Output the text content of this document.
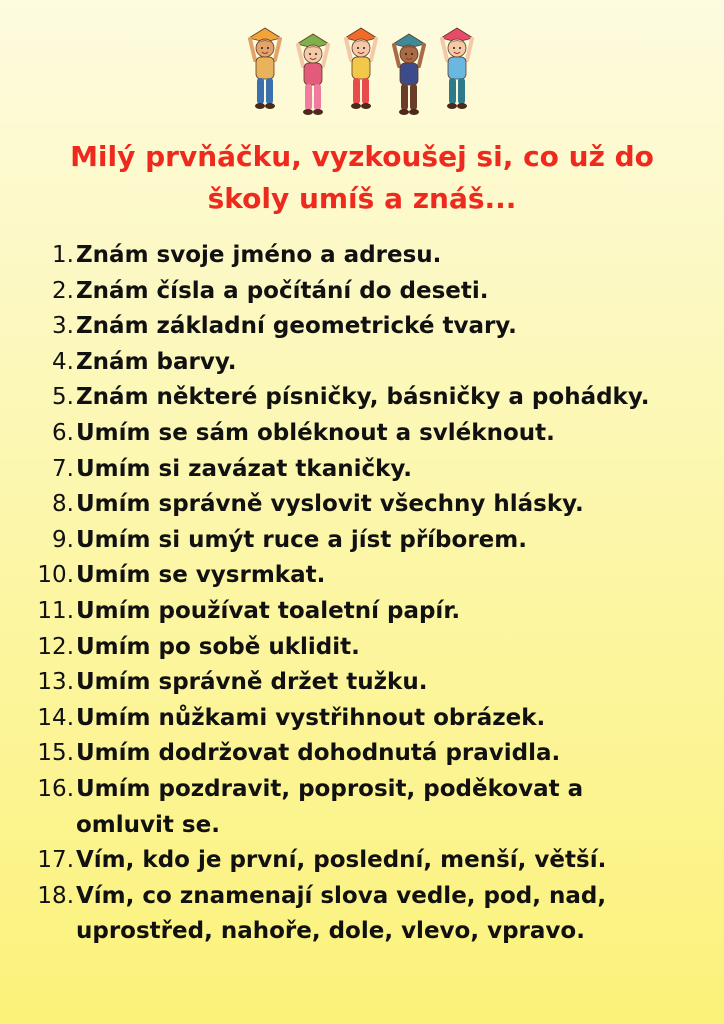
Milý prvňáčku, vyzkoušej si, co už do
školy umíš a znáš...
1. Znám svoje jméno a adresu.
2. Znám čísla a počítání do deseti.
3. Znám základní geometrické tvary.
4. Znám barvy.
5. Znám některé písničky, básničky a pohádky.
6. Umím se sám obléknout a svléknout.
7. Umím si zavázat tkaničky.
8. Umím správně vyslovit všechny hlásky.
9. Umím si umýt ruce a jíst příborem.
10. Umím se vysrmkat.
11. Umím používat toaletní papír.
12. Umím po sobě uklidit.
13. Umím správně držet tužku.
14. Umím nůžkami vystřihnout obrázek.
15. Umím dodržovat dohodnutá pravidla.
16. Umím pozdravit, poprosit, poděkovat a
omluvit se.
17. Vím, kdo je první, poslední, menší, větší.
18. Vím, co znamenají slova vedle, pod, nad,
uprostřed, nahoře, dole, vlevo, vpravo.
